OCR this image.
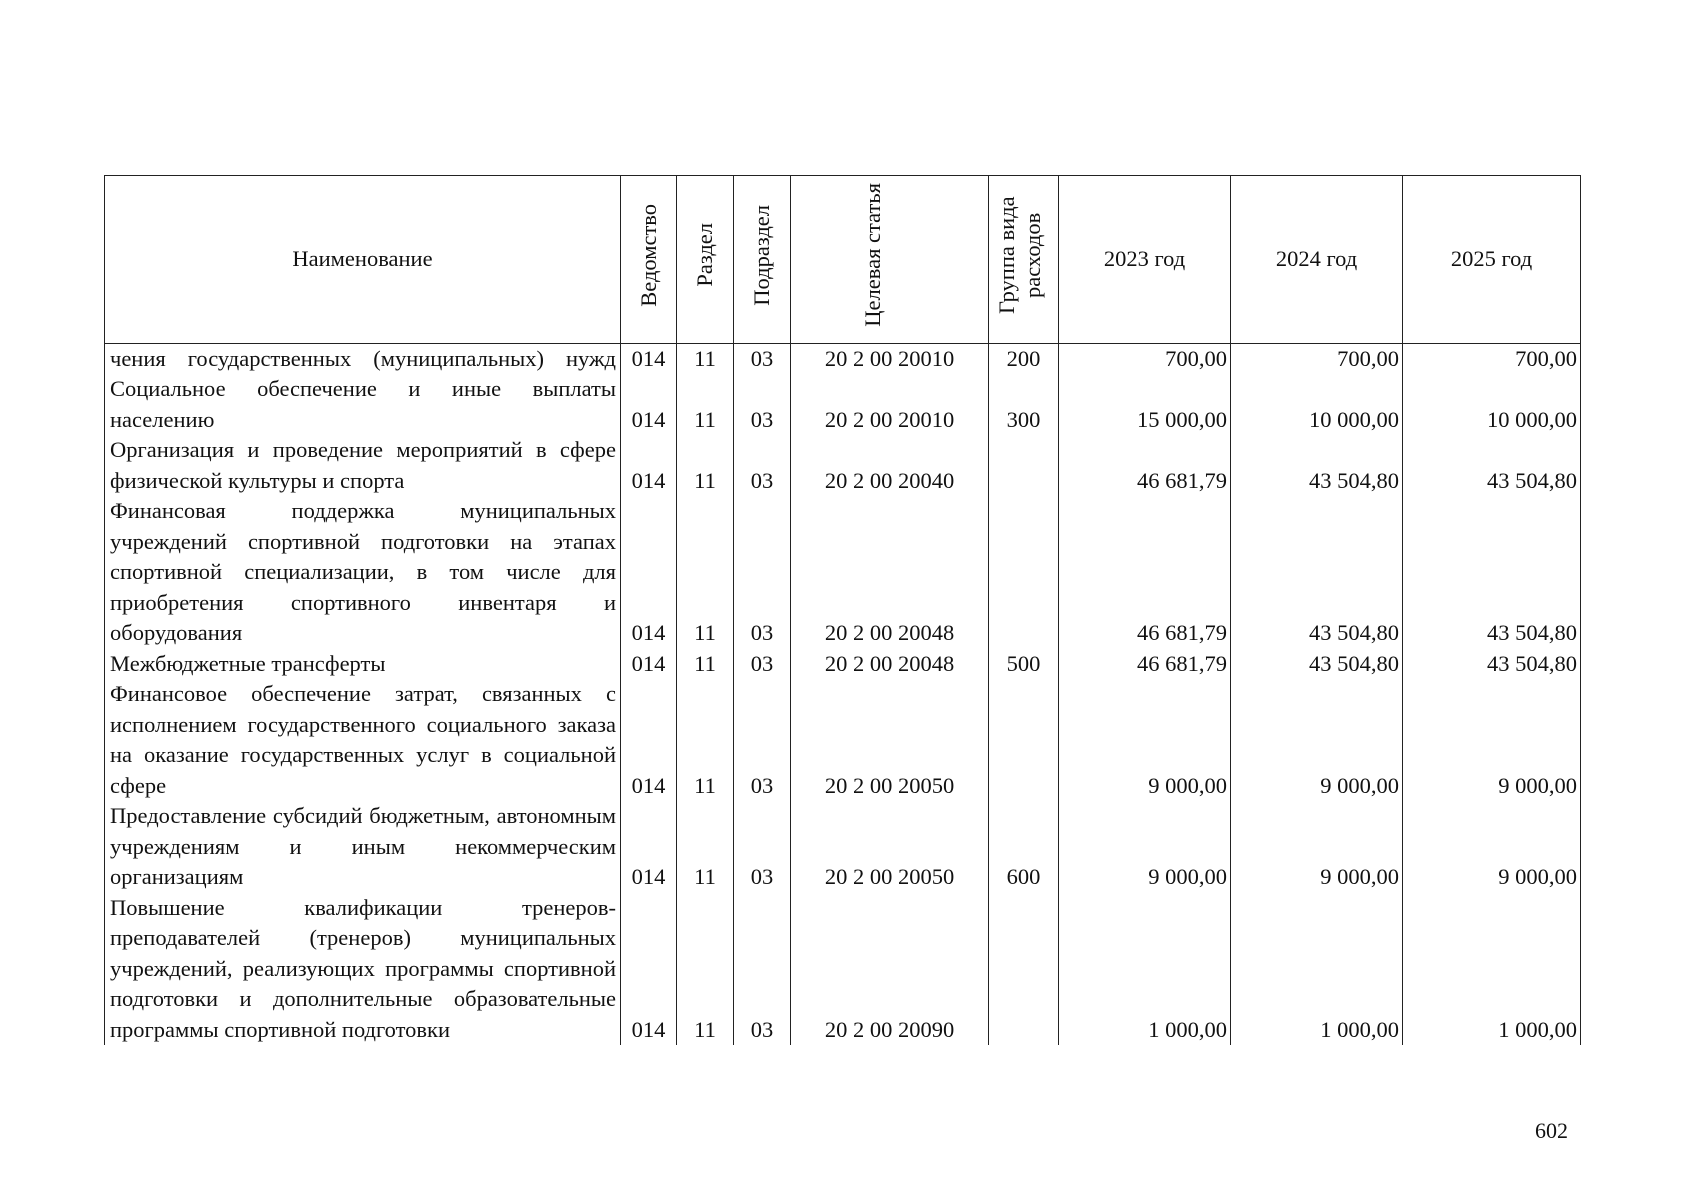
Наименование	Ведомство	Раздел	Подраздел	Целевая статья	Группа вида расходов	2023 год	2024 год	2025 год
чения государственных (муниципальных) нужд	014	11	03	20 2 00 20010	200	700,00	700,00	700,00
Социальное обеспечение и иные выплаты населению	014	11	03	20 2 00 20010	300	15 000,00	10 000,00	10 000,00
Организация и проведение мероприятий в сфере физической культуры и спорта	014	11	03	20 2 00 20040		46 681,79	43 504,80	43 504,80
Финансовая поддержка муниципальных учреждений спортивной подготовки на этапах спортивной специализации, в том числе для приобретения спортивного инвентаря и оборудования	014	11	03	20 2 00 20048		46 681,79	43 504,80	43 504,80
Межбюджетные трансферты	014	11	03	20 2 00 20048	500	46 681,79	43 504,80	43 504,80
Финансовое обеспечение затрат, связанных с исполнением государственного социального заказа на оказание государственных услуг в социальной сфере	014	11	03	20 2 00 20050		9 000,00	9 000,00	9 000,00
Предоставление субсидий бюджетным, автономным учреждениям и иным некоммерческим организациям	014	11	03	20 2 00 20050	600	9 000,00	9 000,00	9 000,00
Повышение квалификации тренеров-преподавателей (тренеров) муниципальных учреждений, реализующих программы спортивной подготовки и дополнительные образовательные программы спортивной подготовки	014	11	03	20 2 00 20090		1 000,00	1 000,00	1 000,00
602
